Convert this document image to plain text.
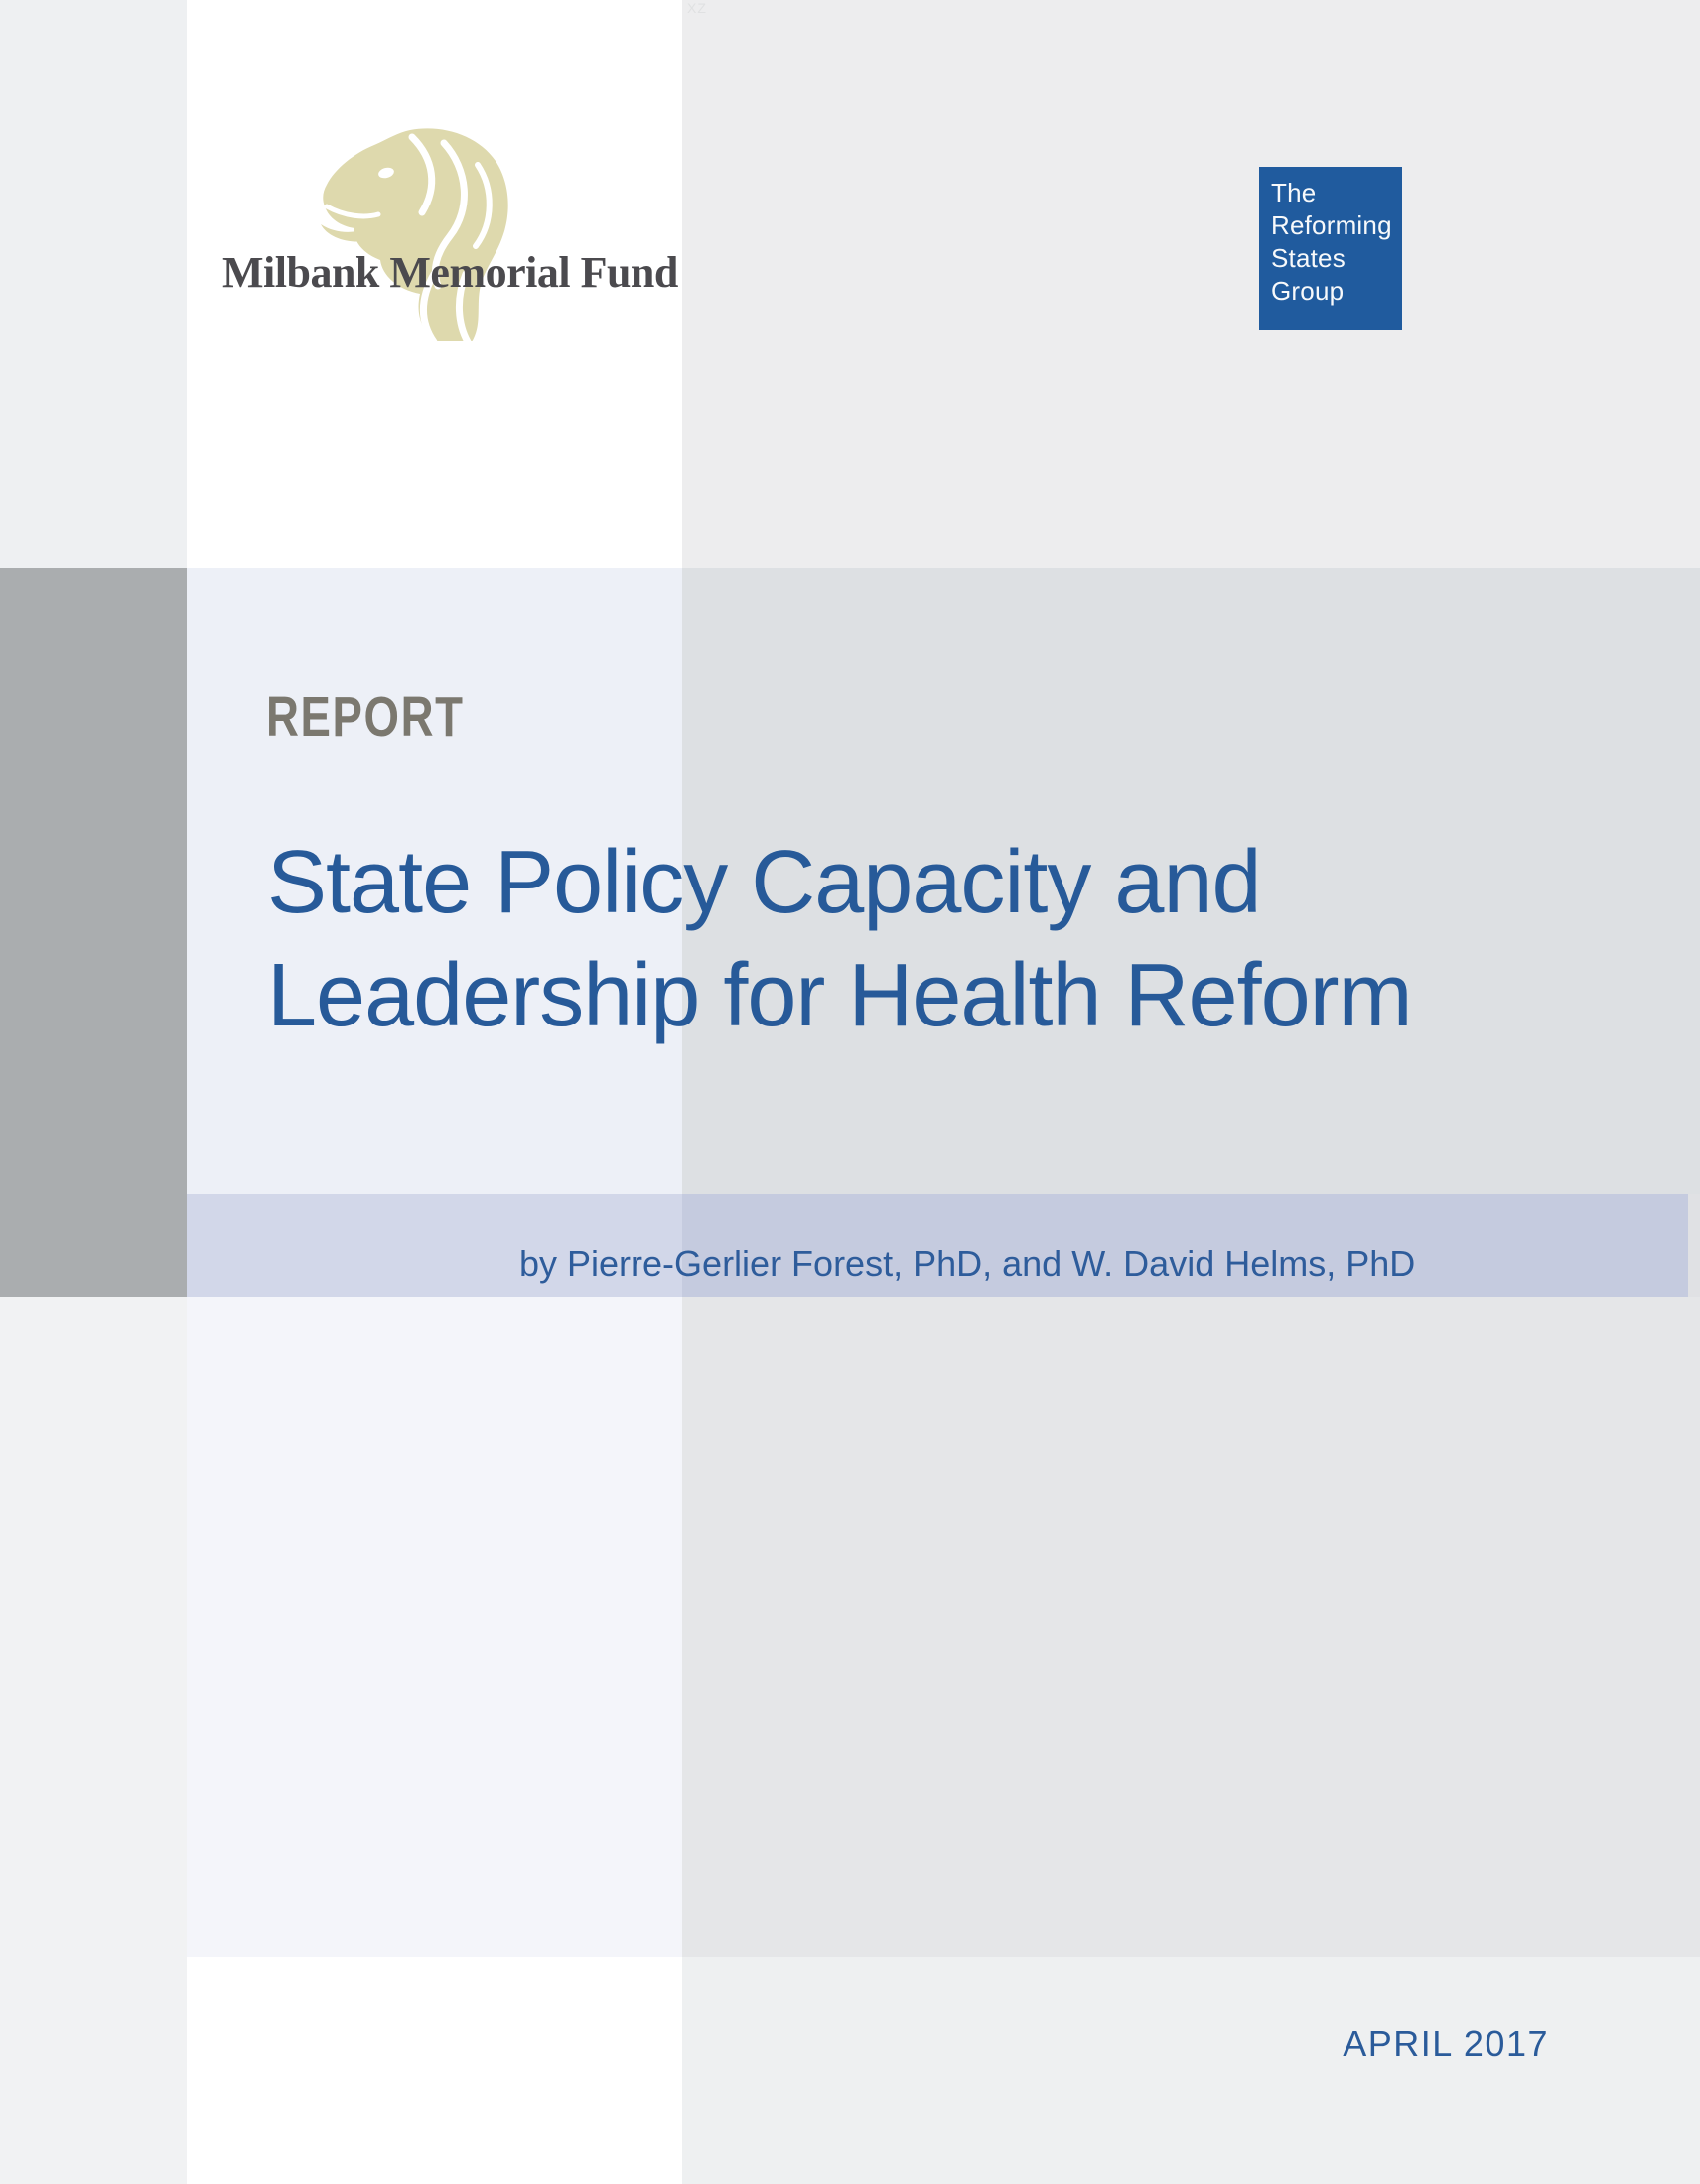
XZ
Milbank Memorial Fund
The
Reforming
States
Group
REPORT
State Policy Capacity and
Leadership for Health Reform
by Pierre-Gerlier Forest, PhD, and W. David Helms, PhD
APRIL 2017
